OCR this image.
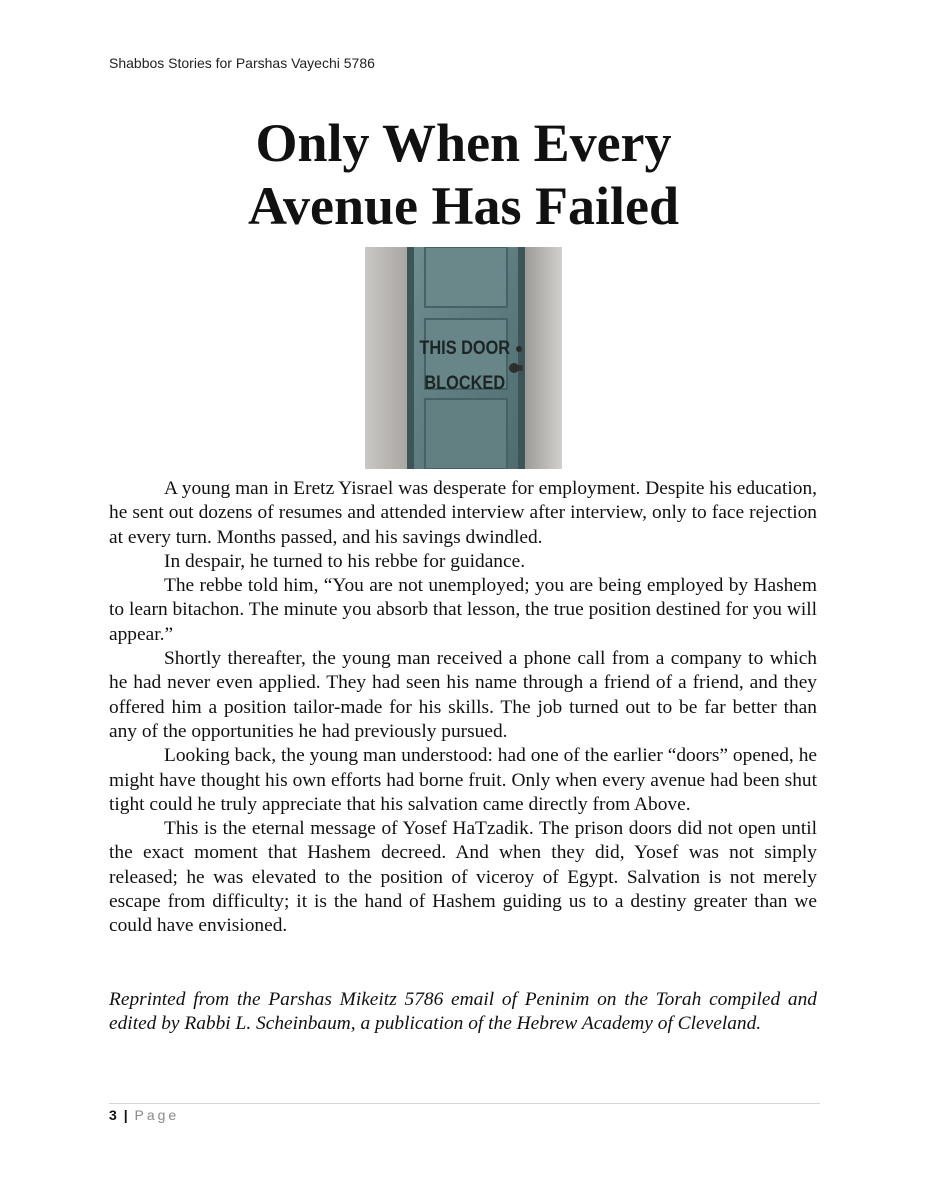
Shabbos Stories for Parshas Vayechi 5786
Only When Every
Avenue Has Failed
THIS DOOR
BLOCKED

A young man in Eretz Yisrael was desperate for employment. Despite his education, he sent out dozens of resumes and attended interview after interview, only to face rejection at every turn. Months passed, and his savings dwindled.

In despair, he turned to his rebbe for guidance.

The rebbe told him, “You are not unemployed; you are being employed by Hashem to learn bitachon. The minute you absorb that lesson, the true position destined for you will appear.”

Shortly thereafter, the young man received a phone call from a company to which he had never even applied. They had seen his name through a friend of a friend, and they offered him a position tailor-made for his skills. The job turned out to be far better than any of the opportunities he had previously pursued.

Looking back, the young man understood: had one of the earlier “doors” opened, he might have thought his own efforts had borne fruit. Only when every avenue had been shut tight could he truly appreciate that his salvation came directly from Above.

This is the eternal message of Yosef HaTzadik. The prison doors did not open until the exact moment that Hashem decreed. And when they did, Yosef was not simply released; he was elevated to the position of viceroy of Egypt. Salvation is not merely escape from difficulty; it is the hand of Hashem guiding us to a destiny greater than we could have envisioned.

Reprinted from the Parshas Mikeitz 5786 email of Peninim on the Torah compiled and edited by Rabbi L. Scheinbaum, a publication of the Hebrew Academy of Cleveland.

3 | Page
